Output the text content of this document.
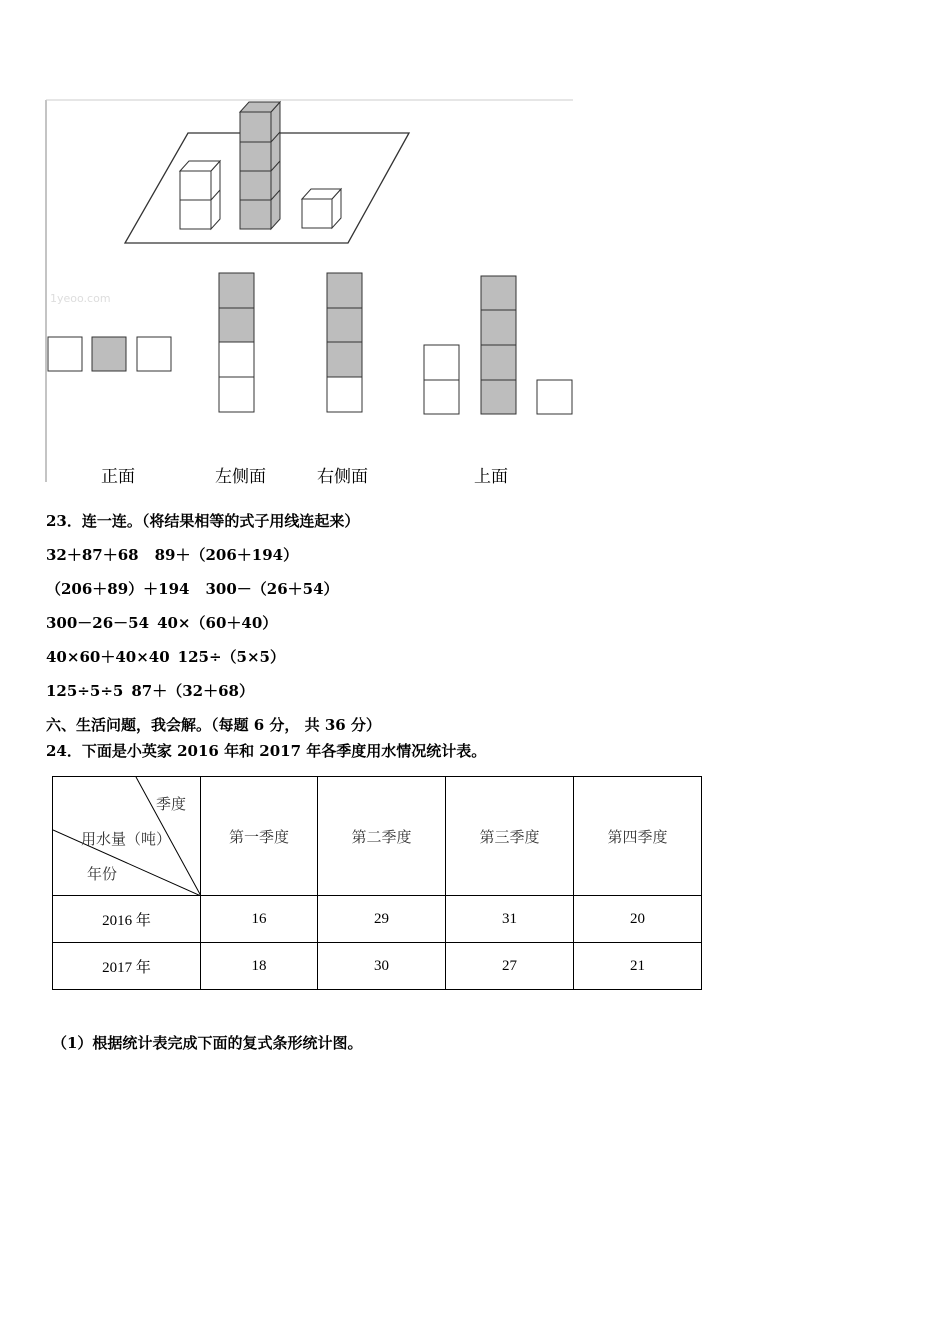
1yeoo.com
正面	左侧面	右侧面	上面
23．连一连。（将结果相等的式子用线连起来）
32＋87＋68 89＋（206＋194）
（206＋89）＋194 300－（26＋54）
300－26－54 40×（60＋40）
40×60＋40×40 125÷（5×5）
125÷5÷5 87＋（32＋68）
六、生活问题，我会解。（每题 6 分， 共 36 分）
24．下面是小英家 2016 年和 2017 年各季度用水情况统计表。
季度
用水量（吨）
年份	第一季度	第二季度	第三季度	第四季度
2016 年	16	29	31	20
2017 年	18	30	27	21
（1）根据统计表完成下面的复式条形统计图。
